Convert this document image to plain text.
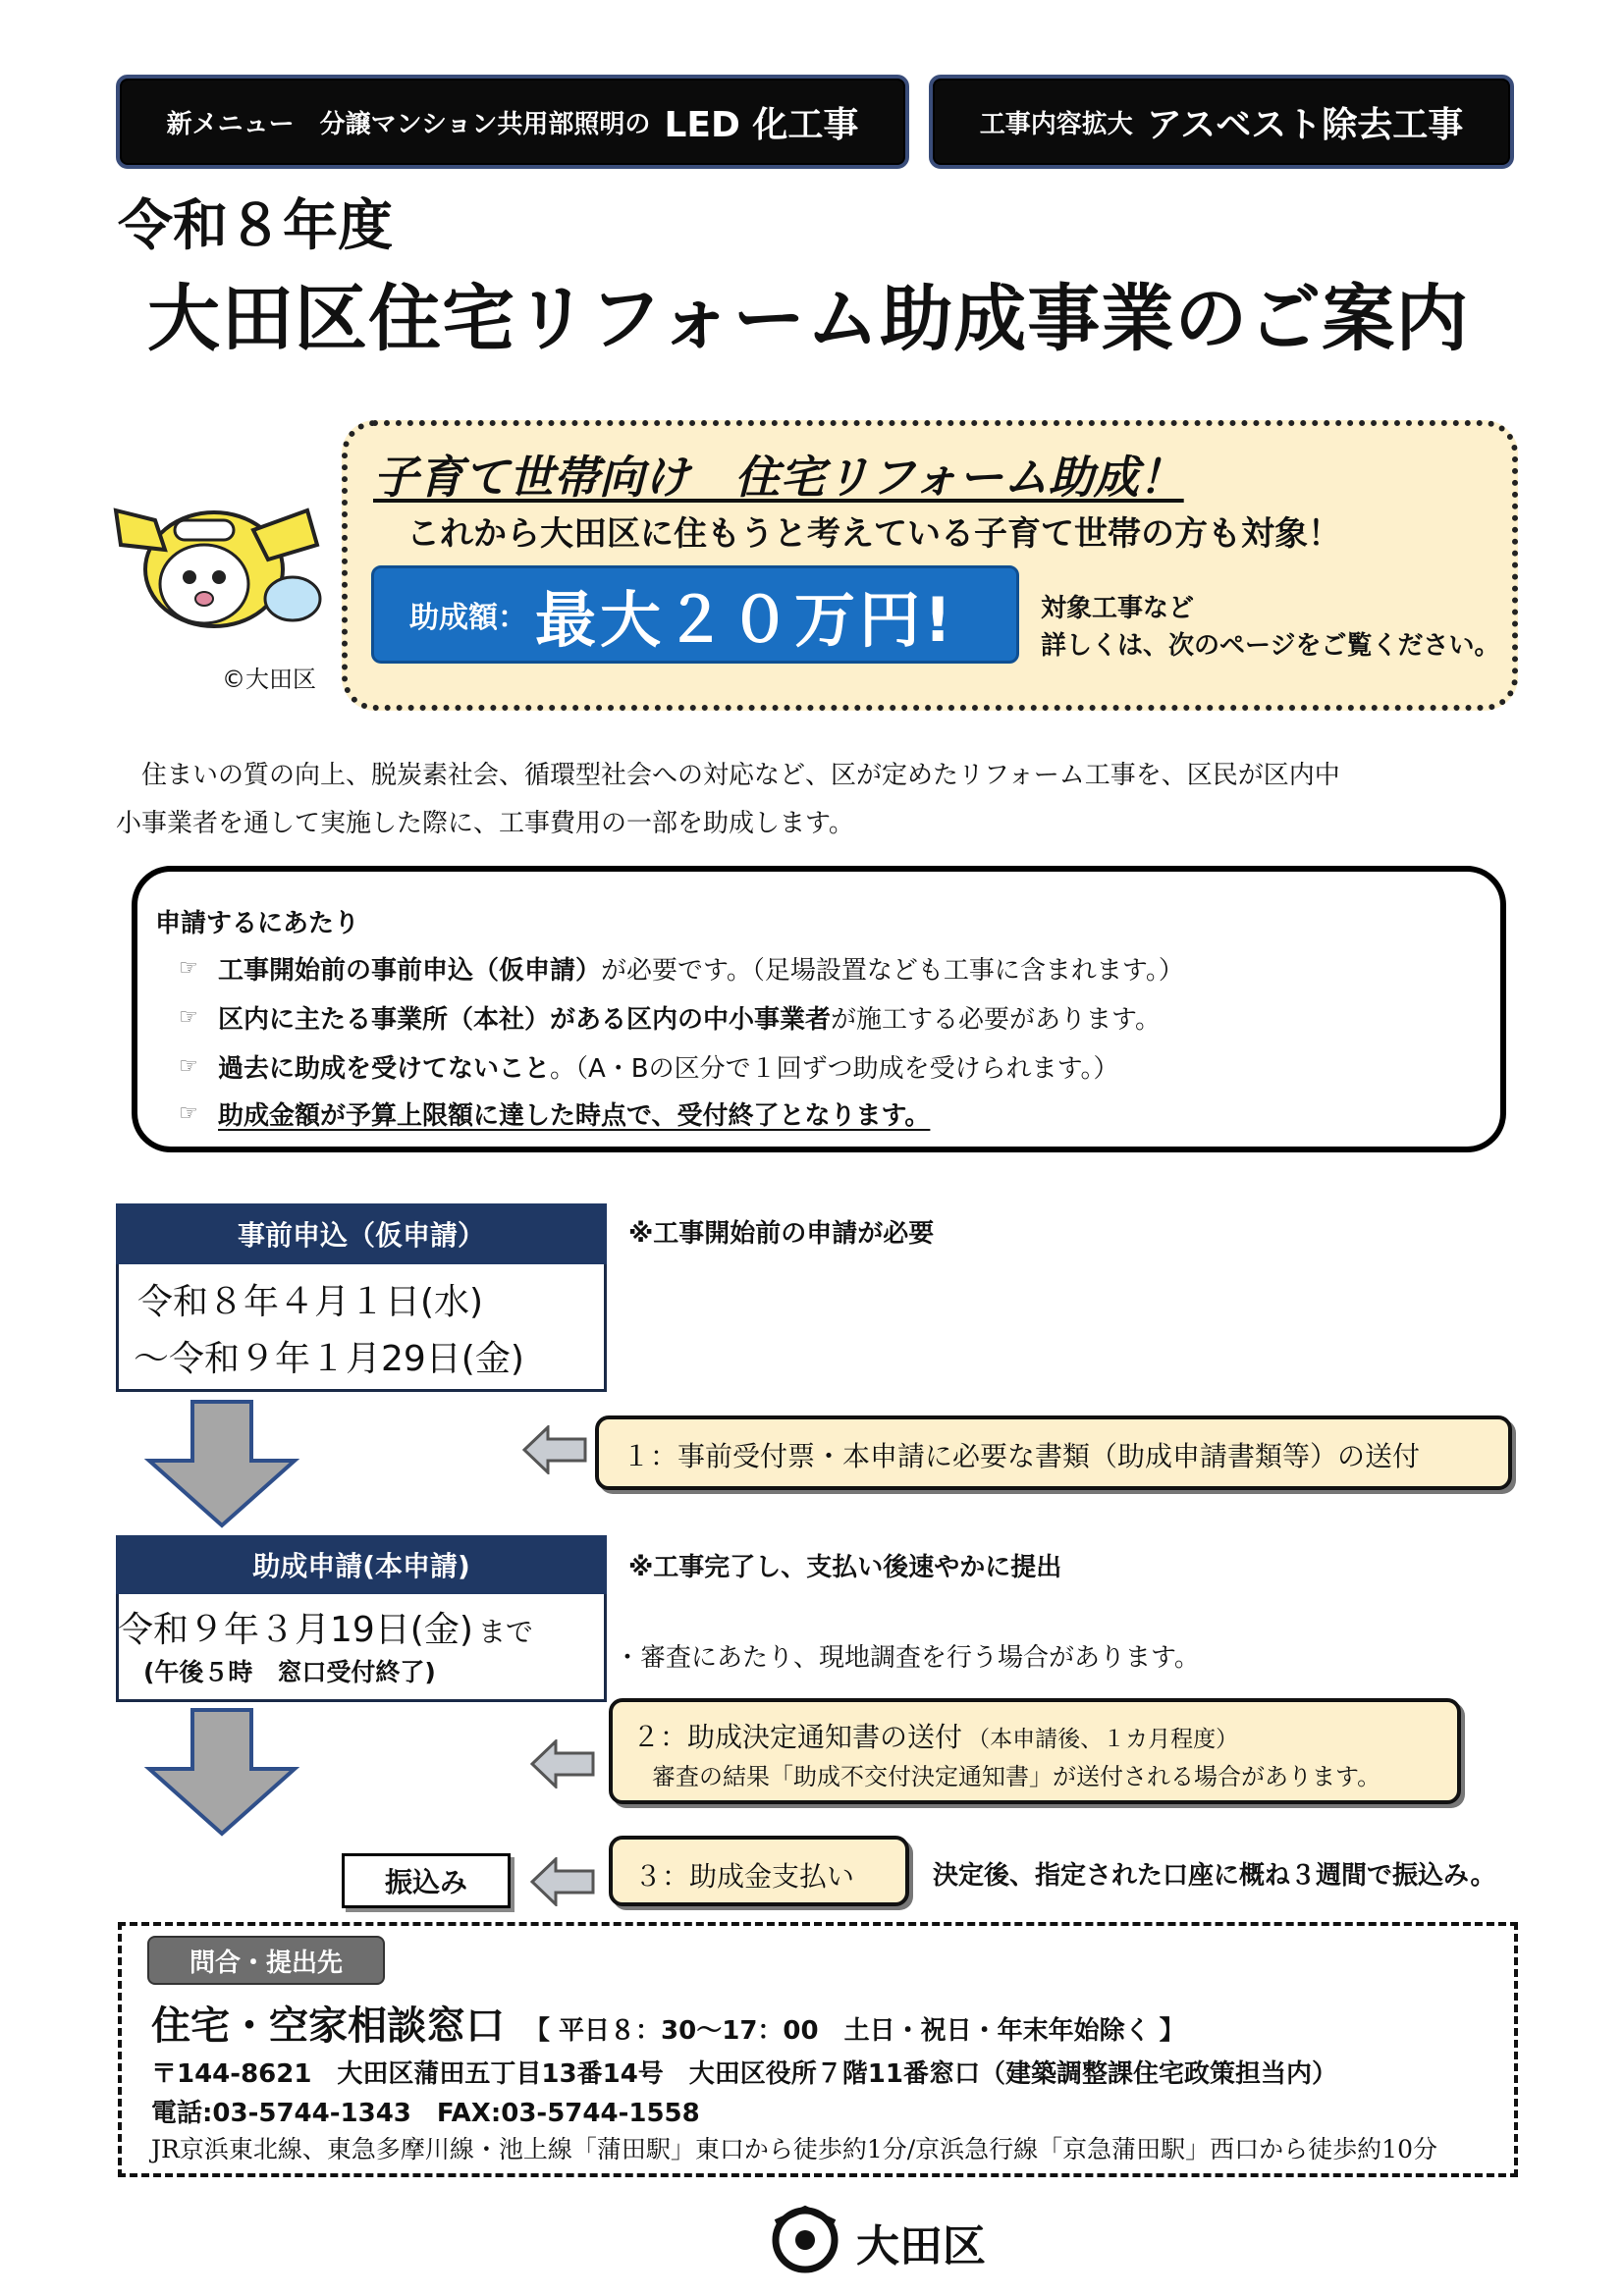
新メニュー　分譲マンション共用部照明の LED 化工事	工事内容拡大 アスベスト除去工事
令和８年度
大田区住宅リフォーム助成事業のご案内
©大田区
子育て世帯向け　住宅リフォーム助成！
これから大田区に住もうと考えている子育て世帯の方も対象！
助成額： 最大２０万円!	対象工事など
詳しくは、次のページをご覧ください。
住まいの質の向上、脱炭素社会、循環型社会への対応など、区が定めたリフォーム工事を、区民が区内中
小事業者を通して実施した際に、工事費用の一部を助成します。
申請するにあたり
☞ 工事開始前の事前申込（仮申請） が必要です。（足場設置なども工事に含まれます。）
☞ 区内に主たる事業所（本社） がある 区内の中小事業者 が施工する必要があります。
☞ 過去に助成を受けてないこと 。（A・Bの区分で１回ずつ助成を受けられます。）
☞ 助成金額が予算上限額に達した時点で、受付終了となります。
事前申込（仮申請）
令和８年４月１日(水)
～令和９年１月29日(金)
※工事開始前の申請が必要
１：事前受付票・本申請に必要な書類（助成申請書類等）の送付
助成申請(本申請)
令和９年３月19日(金) まで
(午後５時　窓口受付終了)
※工事完了し、支払い後速やかに提出
・審査にあたり、現地調査を行う場合があります。
２：助成決定通知書の送付 （本申請後、１カ月程度）
審査の結果「助成不交付決定通知書」が送付される場合があります。
振込み	３：助成金支払い	決定後、指定された口座に概ね３週間で振込み。
問合・提出先
住宅・空家相談窓口 【 平日８：30～17：00　土日・祝日・年末年始除く 】
〒144-8621　大田区蒲田五丁目13番14号　大田区役所７階11番窓口（建築調整課住宅政策担当内）
電話:03-5744-1343　FAX:03-5744-1558
JR京浜東北線、東急多摩川線・池上線「蒲田駅」東口から徒歩約1分/京浜急行線「京急蒲田駅」西口から徒歩約10分
大田区
